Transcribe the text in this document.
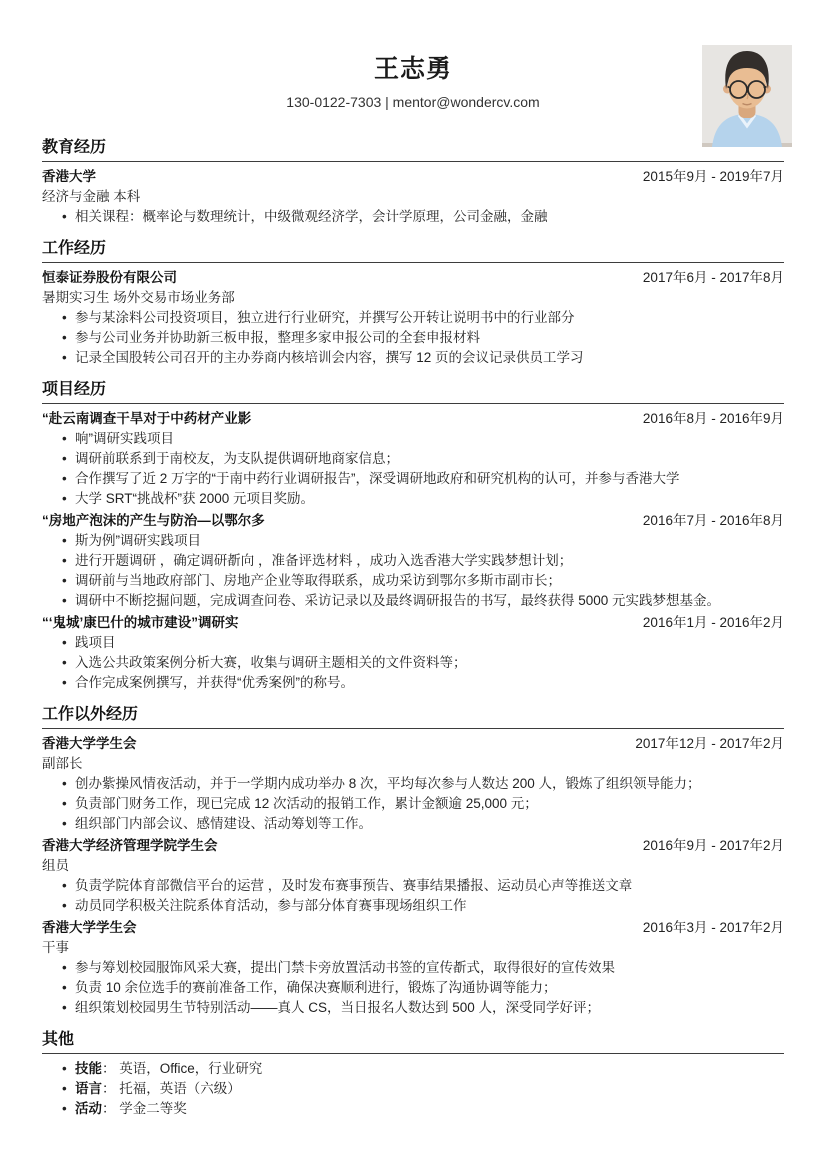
王志勇
130-0122-7303 | mentor@wondercv.com
教育经历
香港大学	2015年9月 - 2019年7月
经济与金融 本科
• 相关课程：概率论与数理统计，中级微观经济学，会计学原理，公司金融，金融
工作经历
恒泰证券股份有限公司	2017年6月 - 2017年8月
暑期实习生 场外交易市场业务部
• 参与某涂料公司投资项目，独立进行行业研究，并撰写公开转让说明书中的行业部分
• 参与公司业务并协助新三板申报，整理多家申报公司的全套申报材料
• 记录全国股转公司召开的主办券商内核培训会内容，撰写 12 页的会议记录供员工学习
项目经历
“赴云南调查干旱对于中药材产业影	2016年8月 - 2016年9月
• 响”调研实践项目
• 调研前联系到于南校友，为支队提供调研地商家信息；
• 合作撰写了近 2 万字的“于南中药行业调研报告”，深受调研地政府和研究机构的认可，并参与香港大学
• 大学 SRT“挑战杯”获 2000 元项目奖励。
“房地产泡沫的产生与防治—以鄂尔多	2016年7月 - 2016年8月
• 斯为例”调研实践项目
• 进行开题调研 ，确定调研斱向 ，准备评选材料 ，成功入选香港大学实践梦想计划；
• 调研前与当地政府部门、房地产企业等取得联系，成功采访到鄂尔多斯市副市长；
• 调研中不断挖掘问题，完成调查问卷、采访记录以及最终调研报告的书写，最终获得 5000 元实践梦想基金。
“‘鬼城’康巴什的城市建设”调研实	2016年1月 - 2016年2月
• 践项目
• 入选公共政策案例分析大赛，收集与调研主题相关的文件资料等；
• 合作完成案例撰写，并获得“优秀案例”的称号。
工作以外经历
香港大学学生会	2017年12月 - 2017年2月
副部长
• 创办紫操风情夜活动，并于一学期内成功举办 8 次，平均每次参与人数达 200 人，锻炼了组织领导能力；
• 负责部门财务工作，现已完成 12 次活动的报销工作，累计金额逾 25,000 元；
• 组织部门内部会议、感情建设、活动筹划等工作。
香港大学经济管理学院学生会	2016年9月 - 2017年2月
组员
• 负责学院体育部微信平台的运营 ，及时发布赛事预告、赛事结果播报、运动员心声等推送文章
• 动员同学积极关注院系体育活动，参与部分体育赛事现场组织工作
香港大学学生会	2016年3月 - 2017年2月
干事
• 参与筹划校园服饰风采大赛，提出门禁卡旁放置活动书签的宣传斱式，取得很好的宣传效果
• 负责 10 余位选手的赛前准备工作，确保决赛顺利进行，锻炼了沟通协调等能力；
• 组织策划校园男生节特别活动——真人 CS，当日报名人数达到 500 人，深受同学好评；
其他
• 技能： 英语，Office，行业研究
• 语言： 托福，英语（六级）
• 活动： 学金二等奖
